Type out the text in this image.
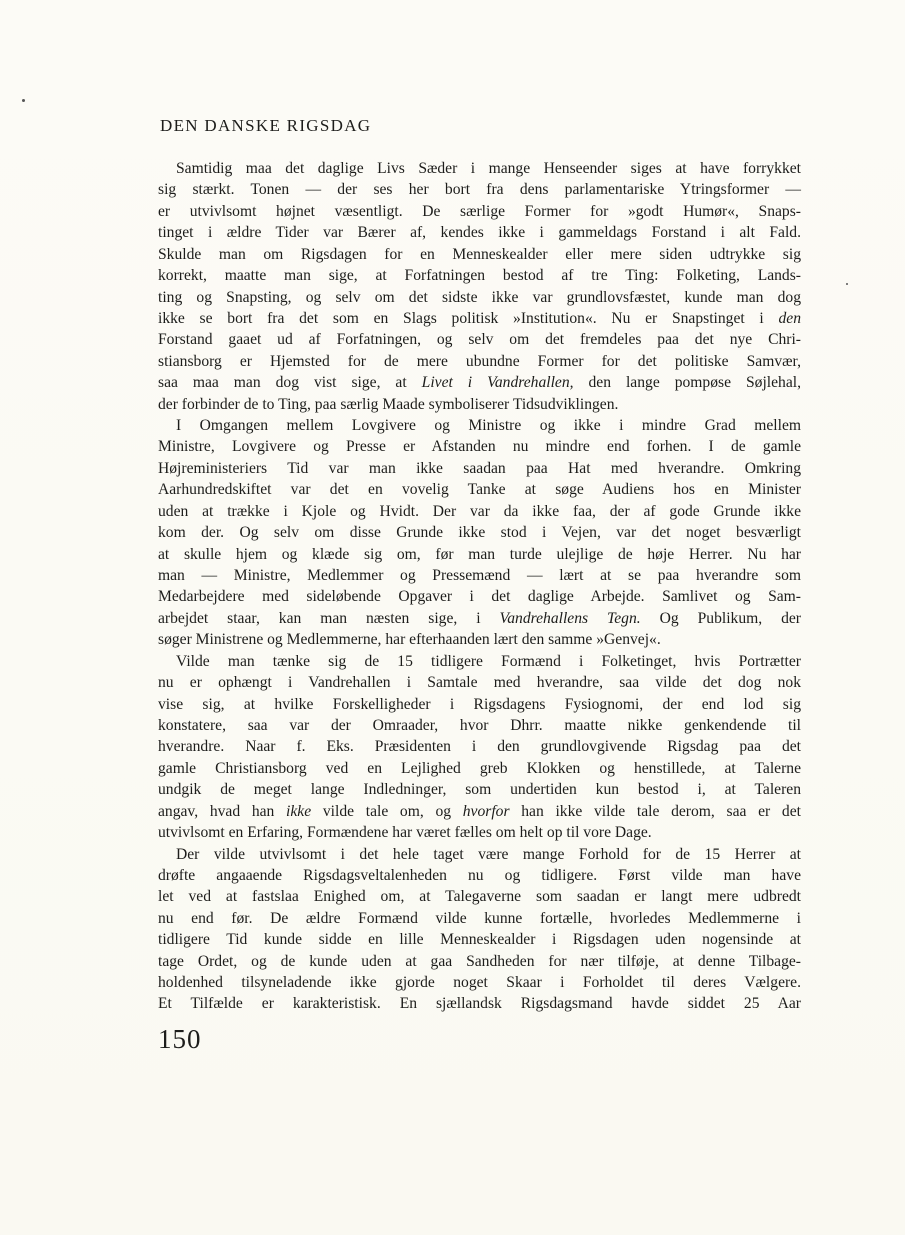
DEN DANSKE RIGSDAG
Samtidig maa det daglige Livs Sæder i mange Henseender siges at have forrykket
sig stærkt. Tonen — der ses her bort fra dens parlamentariske Ytringsformer —
er utvivlsomt højnet væsentligt. De særlige Former for »godt Humør«, Snaps-
tinget i ældre Tider var Bærer af, kendes ikke i gammeldags Forstand i alt Fald.
Skulde man om Rigsdagen for en Menneskealder eller mere siden udtrykke sig
korrekt, maatte man sige, at Forfatningen bestod af tre Ting: Folketing, Lands-
ting og Snapsting, og selv om det sidste ikke var grundlovsfæstet, kunde man dog
ikke se bort fra det som en Slags politisk »Institution«. Nu er Snapstinget i den
Forstand gaaet ud af Forfatningen, og selv om det fremdeles paa det nye Chri-
stiansborg er Hjemsted for de mere ubundne Former for det politiske Samvær,
saa maa man dog vist sige, at Livet i Vandrehallen, den lange pompøse Søjlehal,
der forbinder de to Ting, paa særlig Maade symboliserer Tidsudviklingen.
I Omgangen mellem Lovgivere og Ministre og ikke i mindre Grad mellem
Ministre, Lovgivere og Presse er Afstanden nu mindre end forhen. I de gamle
Højreministeriers Tid var man ikke saadan paa Hat med hverandre. Omkring
Aarhundredskiftet var det en vovelig Tanke at søge Audiens hos en Minister
uden at trække i Kjole og Hvidt. Der var da ikke faa, der af gode Grunde ikke
kom der. Og selv om disse Grunde ikke stod i Vejen, var det noget besværligt
at skulle hjem og klæde sig om, før man turde ulejlige de høje Herrer. Nu har
man — Ministre, Medlemmer og Pressemænd — lært at se paa hverandre som
Medarbejdere med sideløbende Opgaver i det daglige Arbejde. Samlivet og Sam-
arbejdet staar, kan man næsten sige, i Vandrehallens Tegn. Og Publikum, der
søger Ministrene og Medlemmerne, har efterhaanden lært den samme »Genvej«.
Vilde man tænke sig de 15 tidligere Formænd i Folketinget, hvis Portrætter
nu er ophængt i Vandrehallen i Samtale med hverandre, saa vilde det dog nok
vise sig, at hvilke Forskelligheder i Rigsdagens Fysiognomi, der end lod sig
konstatere, saa var der Omraader, hvor Dhrr. maatte nikke genkendende til
hverandre. Naar f. Eks. Præsidenten i den grundlovgivende Rigsdag paa det
gamle Christiansborg ved en Lejlighed greb Klokken og henstillede, at Talerne
undgik de meget lange Indledninger, som undertiden kun bestod i, at Taleren
angav, hvad han ikke vilde tale om, og hvorfor han ikke vilde tale derom, saa er det
utvivlsomt en Erfaring, Formændene har været fælles om helt op til vore Dage.
Der vilde utvivlsomt i det hele taget være mange Forhold for de 15 Herrer at
drøfte angaaende Rigsdagsveltalenheden nu og tidligere. Først vilde man have
let ved at fastslaa Enighed om, at Talegaverne som saadan er langt mere udbredt
nu end før. De ældre Formænd vilde kunne fortælle, hvorledes Medlemmerne i
tidligere Tid kunde sidde en lille Menneskealder i Rigsdagen uden nogensinde at
tage Ordet, og de kunde uden at gaa Sandheden for nær tilføje, at denne Tilbage-
holdenhed tilsyneladende ikke gjorde noget Skaar i Forholdet til deres Vælgere.
Et Tilfælde er karakteristisk. En sjællandsk Rigsdagsmand havde siddet 25 Aar
150
